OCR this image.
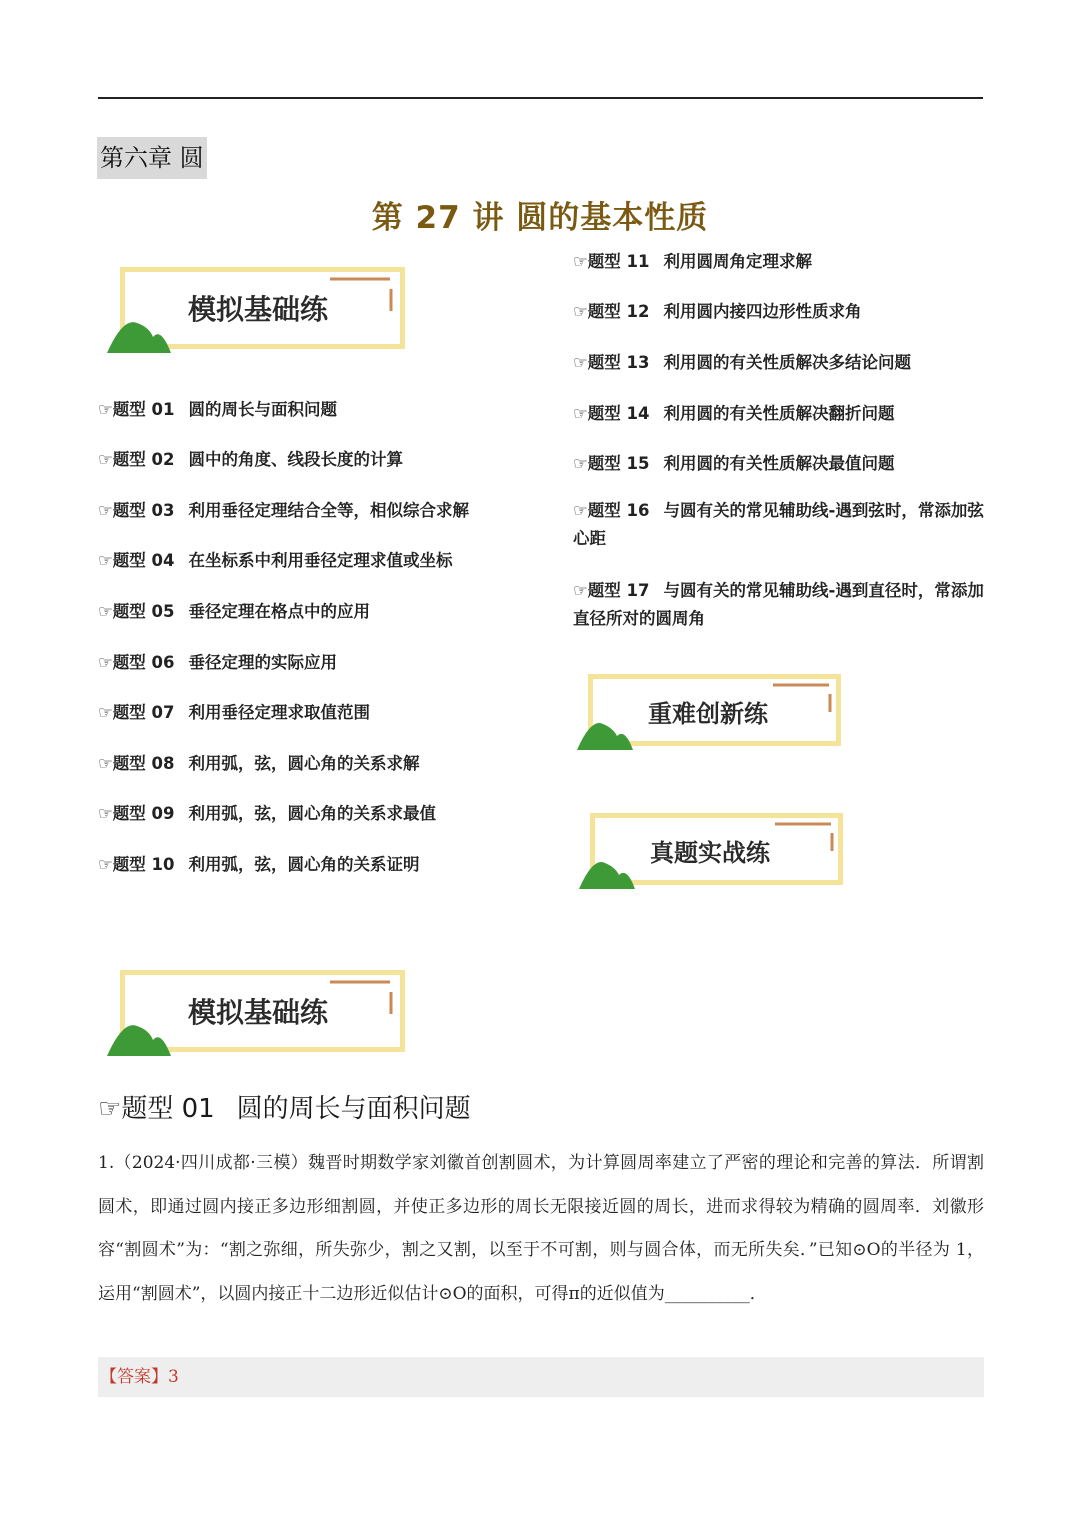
第六章 圆
第 27 讲 圆的基本性质
模拟基础练
☞题型 01 圆的周长与面积问题
☞题型 02 圆中的角度、线段长度的计算
☞题型 03 利用垂径定理结合全等，相似综合求解
☞题型 04 在坐标系中利用垂径定理求值或坐标
☞题型 05 垂径定理在格点中的应用
☞题型 06 垂径定理的实际应用
☞题型 07 利用垂径定理求取值范围
☞题型 08 利用弧，弦，圆心角的关系求解
☞题型 09 利用弧，弦，圆心角的关系求最值
☞题型 10 利用弧，弦，圆心角的关系证明
☞题型 11 利用圆周角定理求解
☞题型 12 利用圆内接四边形性质求角
☞题型 13 利用圆的有关性质解决多结论问题
☞题型 14 利用圆的有关性质解决翻折问题
☞题型 15 利用圆的有关性质解决最值问题
☞题型 16 与圆有关的常见辅助线-遇到弦时，常添加弦心距
☞题型 17 与圆有关的常见辅助线-遇到直径时，常添加直径所对的圆周角
重难创新练
真题实战练
模拟基础练
☞题型 01 圆的周长与面积问题
1.（2024·四川成都·三模）魏晋时期数学家刘徽首创割圆术，为计算圆周率建立了严密的理论和完善的算法．所谓割圆术，即通过圆内接正多边形细割圆，并使正多边形的周长无限接近圆的周长，进而求得较为精确的圆周率．刘徽形容“割圆术”为：“割之弥细，所失弥少，割之又割，以至于不可割，则与圆合体，而无所失矣．”已知⊙O的半径为 1，运用“割圆术”，以圆内接正十二边形近似估计⊙O的面积，可得π的近似值为__________．
【答案】3
